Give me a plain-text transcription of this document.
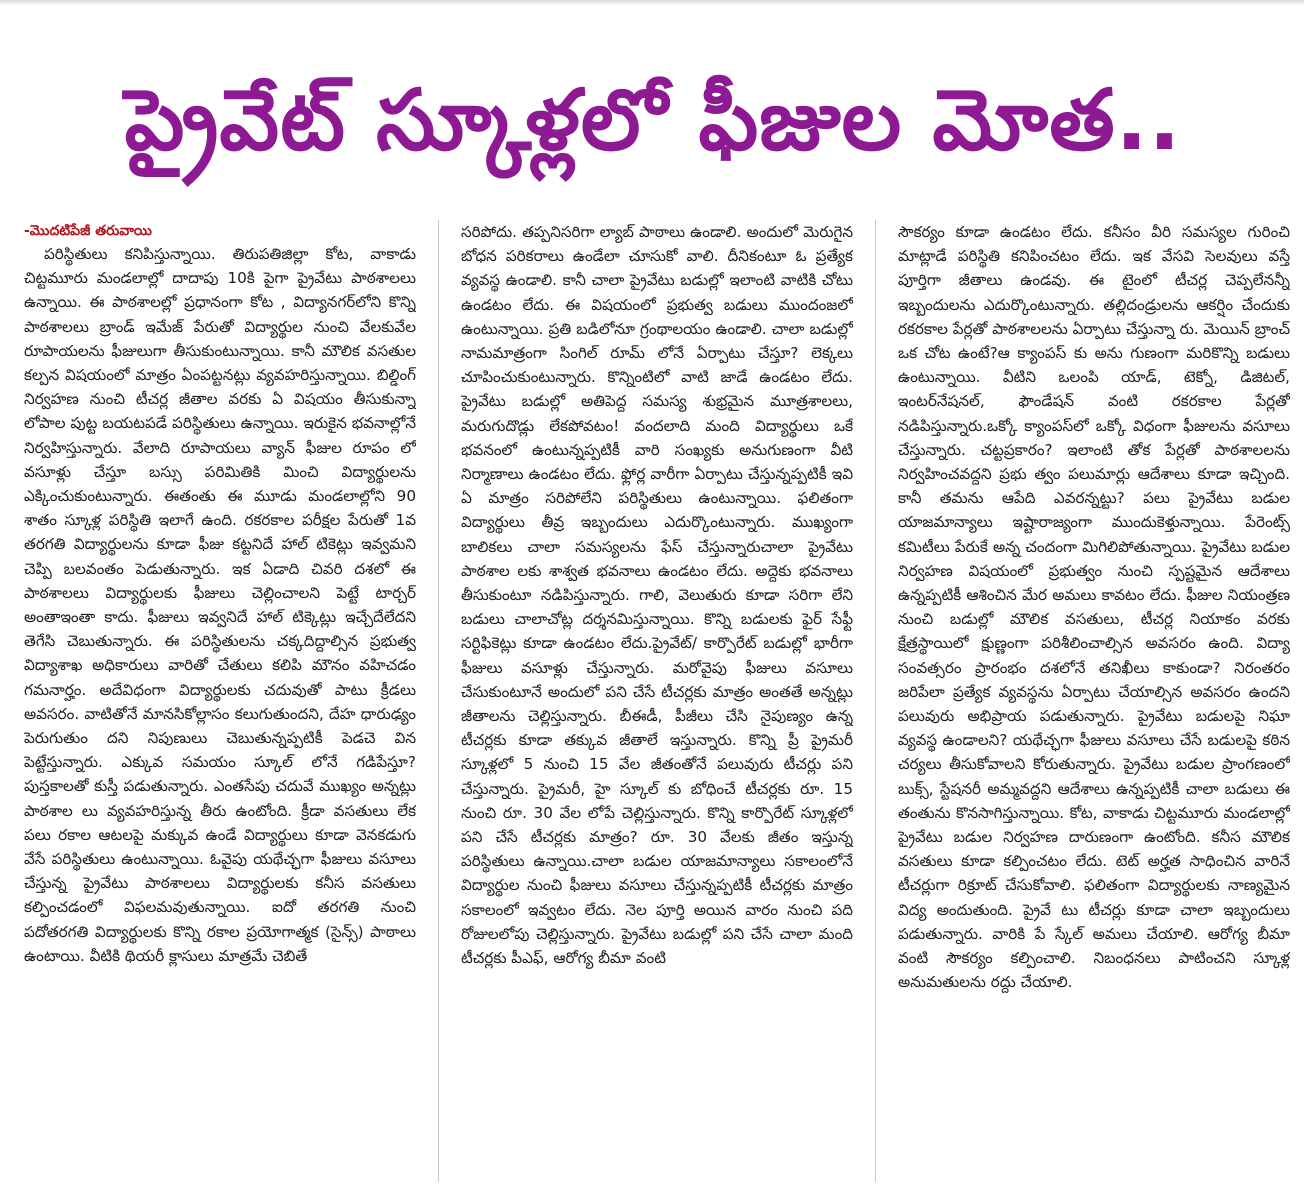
ప్రైవేట్ స్కూళ్లలో ఫీజుల మోత..
-మొదటిపేజీ తరువాయి

పరిస్థితులు కనిపిస్తున్నాయి. తిరుపతిజిల్లా కోట, వాకాడు చిట్టమూరు మండలాల్లో దాదాపు 10కి పైగా ప్రైవేటు పాఠశాలలు ఉన్నాయి. ఈ పాఠశాలల్లో ప్రధానంగా కోట , విద్యానగర్‌లోని కొన్ని పాఠశాలలు బ్రాండ్ ఇమేజ్ పేరుతో విద్యార్థుల నుంచి వేలకువేల రూపాయలను ఫీజులుగా తీసుకుంటున్నాయి. కానీ మౌలిక వసతుల కల్పన విషయంలో మాత్రం ఏంపట్టనట్లు వ్యవహరిస్తున్నాయి. బిల్డింగ్ నిర్వహణ నుంచి టీచర్ల జీతాల వరకు ఏ విషయం తీసుకున్నా లోపాల పుట్ట బయటపడే పరిస్థితులు ఉన్నాయి. ఇరుకైన భవనాల్లోనే నిర్వహిస్తున్నారు. వేలాది రూపాయలు వ్యాన్ ఫీజుల రూపం లో వసూళ్లు చేస్తూ బస్సు పరిమితికి మించి విద్యార్థులను ఎక్కించుకుంటున్నారు. ఈతంతు ఈ మూడు మండలాల్లోని 90 శాతం స్కూళ్ల పరిస్థితి ఇలాగే ఉంది. రకరకాల పరీక్షల పేరుతో 1వ తరగతి విద్యార్థులను కూడా ఫీజు కట్టనిదే హాల్ టికెట్లు ఇవ్వమని చెప్పి బలవంతం పెడుతున్నారు. ఇక ఏడాది చివరి దశలో ఈ పాఠశాలలు విద్యార్థులకు ఫీజులు చెల్లించాలని పెట్టే టార్చర్ అంతాఇంతా కాదు. ఫీజులు ఇవ్వనిదే హాల్ టిక్కెట్లు ఇచ్చేదేలేదని తెగేసి చెబుతున్నారు. ఈ పరిస్థితులను చక్కదిద్దాల్సిన ప్రభుత్వ విద్యాశాఖ అధికారులు వారితో చేతులు కలిపి మౌనం వహిచడం గమనార్హం. అదేవిధంగా విద్యార్థులకు చదువుతో పాటు క్రీడలు అవసరం. వాటితోనే మానసికోల్లాసం కలుగుతుందని, దేహ ధారుఢ్యం పెరుగుతుం దని నిపుణులు చెబుతున్నప్పటికీ పెడచె విన పెట్టేస్తున్నారు. ఎక్కువ సమయం స్కూల్ లోనే గడిపేస్తూ? పుస్తకాలతో కుస్తీ పడుతున్నారు. ఎంతసేపు చదువే ముఖ్యం అన్నట్లు పాఠశాల లు వ్యవహరిస్తున్న తీరు ఉంటోంది. క్రీడా వసతులు లేక పలు రకాల ఆటలపై మక్కువ ఉండే విద్యార్థులు కూడా వెనకడుగు వేసే పరిస్థితులు ఉంటున్నాయి. ఓవైపు యథేచ్ఛగా ఫీజులు వసూలు చేస్తున్న ప్రైవేటు పాఠశాలలు విద్యార్థులకు కనీస వసతులు కల్పించడంలో విఫలమవుతున్నాయి. ఐదో తరగతి నుంచి పదోతరగతి విద్యార్థులకు కొన్ని రకాల ప్రయోగాత్మక (సైన్స్) పాఠాలు ఉంటాయి. వీటికి థియరీ క్లాసులు మాత్రమే చెబితే

సరిపోదు. తప్పనిసరిగా ల్యాబ్ పాఠాలు ఉండాలి. అందులో మెరుగైన బోధన పరికరాలు ఉండేలా చూసుకో వాలి. దీనికంటూ ఓ ప్రత్యేక వ్యవస్థ ఉండాలి. కానీ చాలా ప్రైవేటు బడుల్లో ఇలాంటి వాటికి చోటు ఉండటం లేదు. ఈ విషయంలో ప్రభుత్వ బడులు ముందంజలో ఉంటున్నాయి. ప్రతి బడిలోనూ గ్రంథాలయం ఉండాలి. చాలా బడుల్లో నామమాత్రంగా సింగిల్ రూమ్ లోనే ఏర్పాటు చేస్తూ? లెక్కలు చూపించుకుంటున్నారు. కొన్నింటిలో వాటి జాడే ఉండటం లేదు. ప్రైవేటు బడుల్లో అతిపెద్ద సమస్య శుభ్రమైన మూత్రశాలలు, మరుగుదొడ్లు లేకపోవటం! వందలాది మంది విద్యార్థులు ఒకే భవనంలో ఉంటున్నప్పటికీ వారి సంఖ్యకు అనుగుణంగా వీటి నిర్మాణాలు ఉండటం లేదు. ఫ్లోర్ల వారీగా ఏర్పాటు చేస్తున్నప్పటికీ ఇవి ఏ మాత్రం సరిపోలేని పరిస్థితులు ఉంటున్నాయి. ఫలితంగా విద్యార్థులు తీవ్ర ఇబ్బందులు ఎదుర్కొంటున్నారు. ముఖ్యంగా బాలికలు చాలా సమస్యలను ఫేస్ చేస్తున్నారుచాలా ప్రైవేటు పాఠశాల లకు శాశ్వత భవనాలు ఉండటం లేదు. అద్దెకు భవనాలు తీసుకుంటూ నడిపిస్తున్నారు. గాలి, వెలుతురు కూడా సరిగా లేని బడులు చాలాచోట్ల దర్శనమిస్తున్నాయి. కొన్ని బడులకు ఫైర్ సేఫ్టీ సర్టిఫికెట్లు కూడా ఉండటం లేదు.ప్రైవేట్/ కార్పొరేట్ బడుల్లో భారీగా ఫీజులు వసూళ్లు చేస్తున్నారు. మరోవైపు ఫీజులు వసూలు చేసుకుంటూనే అందులో పని చేసే టీచర్లకు మాత్రం అంతతే అన్నట్లు జీతాలను చెల్లిస్తున్నారు. బీఈడీ, పీజీలు చేసి నైపుణ్యం ఉన్న టీచర్లకు కూడా తక్కువ జీతాలే ఇస్తున్నారు. కొన్ని ప్రీ ప్రైమరీ స్కూళ్లలో 5 నుంచి 15 వేల జీతంతోనే పలువురు టీచర్లు పని చేస్తున్నారు. ప్రైమరీ, హై స్కూల్ కు బోధించే టీచర్లకు రూ. 15 నుంచి రూ. 30 వేల లోపే చెల్లిస్తున్నారు. కొన్ని కార్పొరేట్ స్కూళ్లలో పని చేసే టీచర్లకు మాత్రం? రూ. 30 వేలకు జీతం ఇస్తున్న పరిస్థితులు ఉన్నాయి.చాలా బడుల యాజమాన్యాలు సకాలంలోనే విద్యార్థుల నుంచి ఫీజులు వసూలు చేస్తున్నప్పటికీ టీచర్లకు మాత్రం సకాలంలో ఇవ్వటం లేదు. నెల పూర్తి అయిన వారం నుంచి పది రోజులలోపు చెల్లిస్తున్నారు. ప్రైవేటు బడుల్లో పని చేసే చాలా మంది టీచర్లకు పీఎఫ్, ఆరోగ్య బీమా వంటి

సౌకర్యం కూడా ఉండటం లేదు. కనీసం వీరి సమస్యల గురించి మాట్లాడే పరిస్థితి కనిపించటం లేదు. ఇక వేసవి సెలవులు వస్తే పూర్తిగా జీతాలు ఉండవు. ఈ టైంలో టీచర్ల చెప్పలేనన్నీ ఇబ్బందులను ఎదుర్కొంటున్నారు. తల్లిదండ్రులను ఆకర్షిం చేందుకు రకరకాల పేర్లతో పాఠశాలలను ఏర్పాటు చేస్తున్నా రు. మెయిన్ బ్రాంచ్ ఒక చోట ఉంటే?ఆ క్యాంపస్ కు అను గుణంగా మరికొన్ని బడులు ఉంటున్నాయి. వీటిని ఒలంపి యాడ్, టెక్నో, డిజిటల్, ఇంటర్‌నేషనల్, ఫౌండేషన్ వంటి రకరకాల పేర్లతో నడిపిస్తున్నారు.ఒక్కో క్యాంపస్‌లో ఒక్కో విధంగా ఫీజులను వసూలు చేస్తున్నారు. చట్టప్రకారం? ఇలాంటి తోక పేర్లతో పాఠశాలలను నిర్వహించవద్దని ప్రభు త్వం పలుమార్లు ఆదేశాలు కూడా ఇచ్చింది. కానీ తమను ఆపేది ఎవరన్నట్టు? పలు ప్రైవేటు బడుల యాజమాన్యాలు ఇష్టారాజ్యంగా ముందుకెళ్తున్నాయి. పేరెంట్స్ కమిటీలు పేరుకే అన్న చందంగా మిగిలిపోతున్నాయి. ప్రైవేటు బడుల నిర్వహణ విషయంలో ప్రభుత్వం నుంచి స్పష్టమైన ఆదేశాలు ఉన్నప్పటికీ ఆశించిన మేర అమలు కావటం లేదు. ఫీజుల నియంత్రణ నుంచి బడుల్లో మౌలిక వసతులు, టీచర్ల నియాకం వరకు క్షేత్రస్థాయిలో క్షుణ్ణంగా పరిశీలించాల్సిన అవసరం ఉంది. విద్యా సంవత్సరం ప్రారంభం దశలోనే తనిఖీలు కాకుండా? నిరంతరం జరిపేలా ప్రత్యేక వ్యవస్థను ఏర్పాటు చేయాల్సిన అవసరం ఉందని పలువురు అభిప్రాయ పడుతున్నారు. ప్రైవేటు బడులపై నిఘా వ్యవస్థ ఉండాలని? యథేచ్ఛగా ఫీజులు వసూలు చేసే బడులపై కఠిన చర్యలు తీసుకోవాలని కోరుతున్నారు. ప్రైవేటు బడుల ప్రాంగణంలో బుక్స్, స్టేషనరీ అమ్మవద్దని ఆదేశాలు ఉన్నప్పటికీ చాలా బడులు ఈ తంతును కొనసాగిస్తున్నాయి. కోట, వాకాడు చిట్టమూరు మండలాల్లో ప్రైవేటు బడుల నిర్వహణ దారుణంగా ఉంటోంది. కనీస మౌలిక వసతులు కూడా కల్పించటం లేదు. టెట్ అర్హత సాధించిన వారినే టీచర్లుగా రిక్రూట్ చేసుకోవాలి. ఫలితంగా విద్యార్థులకు నాణ్యమైన విద్య అందుతుంది. ప్రైవే టు టీచర్లు కూడా చాలా ఇబ్బందులు పడుతున్నారు. వారికి పే స్కేల్ అమలు చేయాలి. ఆరోగ్య బీమా వంటి సౌకర్యం కల్పించాలి. నిబంధనలు పాటించని స్కూళ్ల అనుమతులను రద్దు చేయాలి.
